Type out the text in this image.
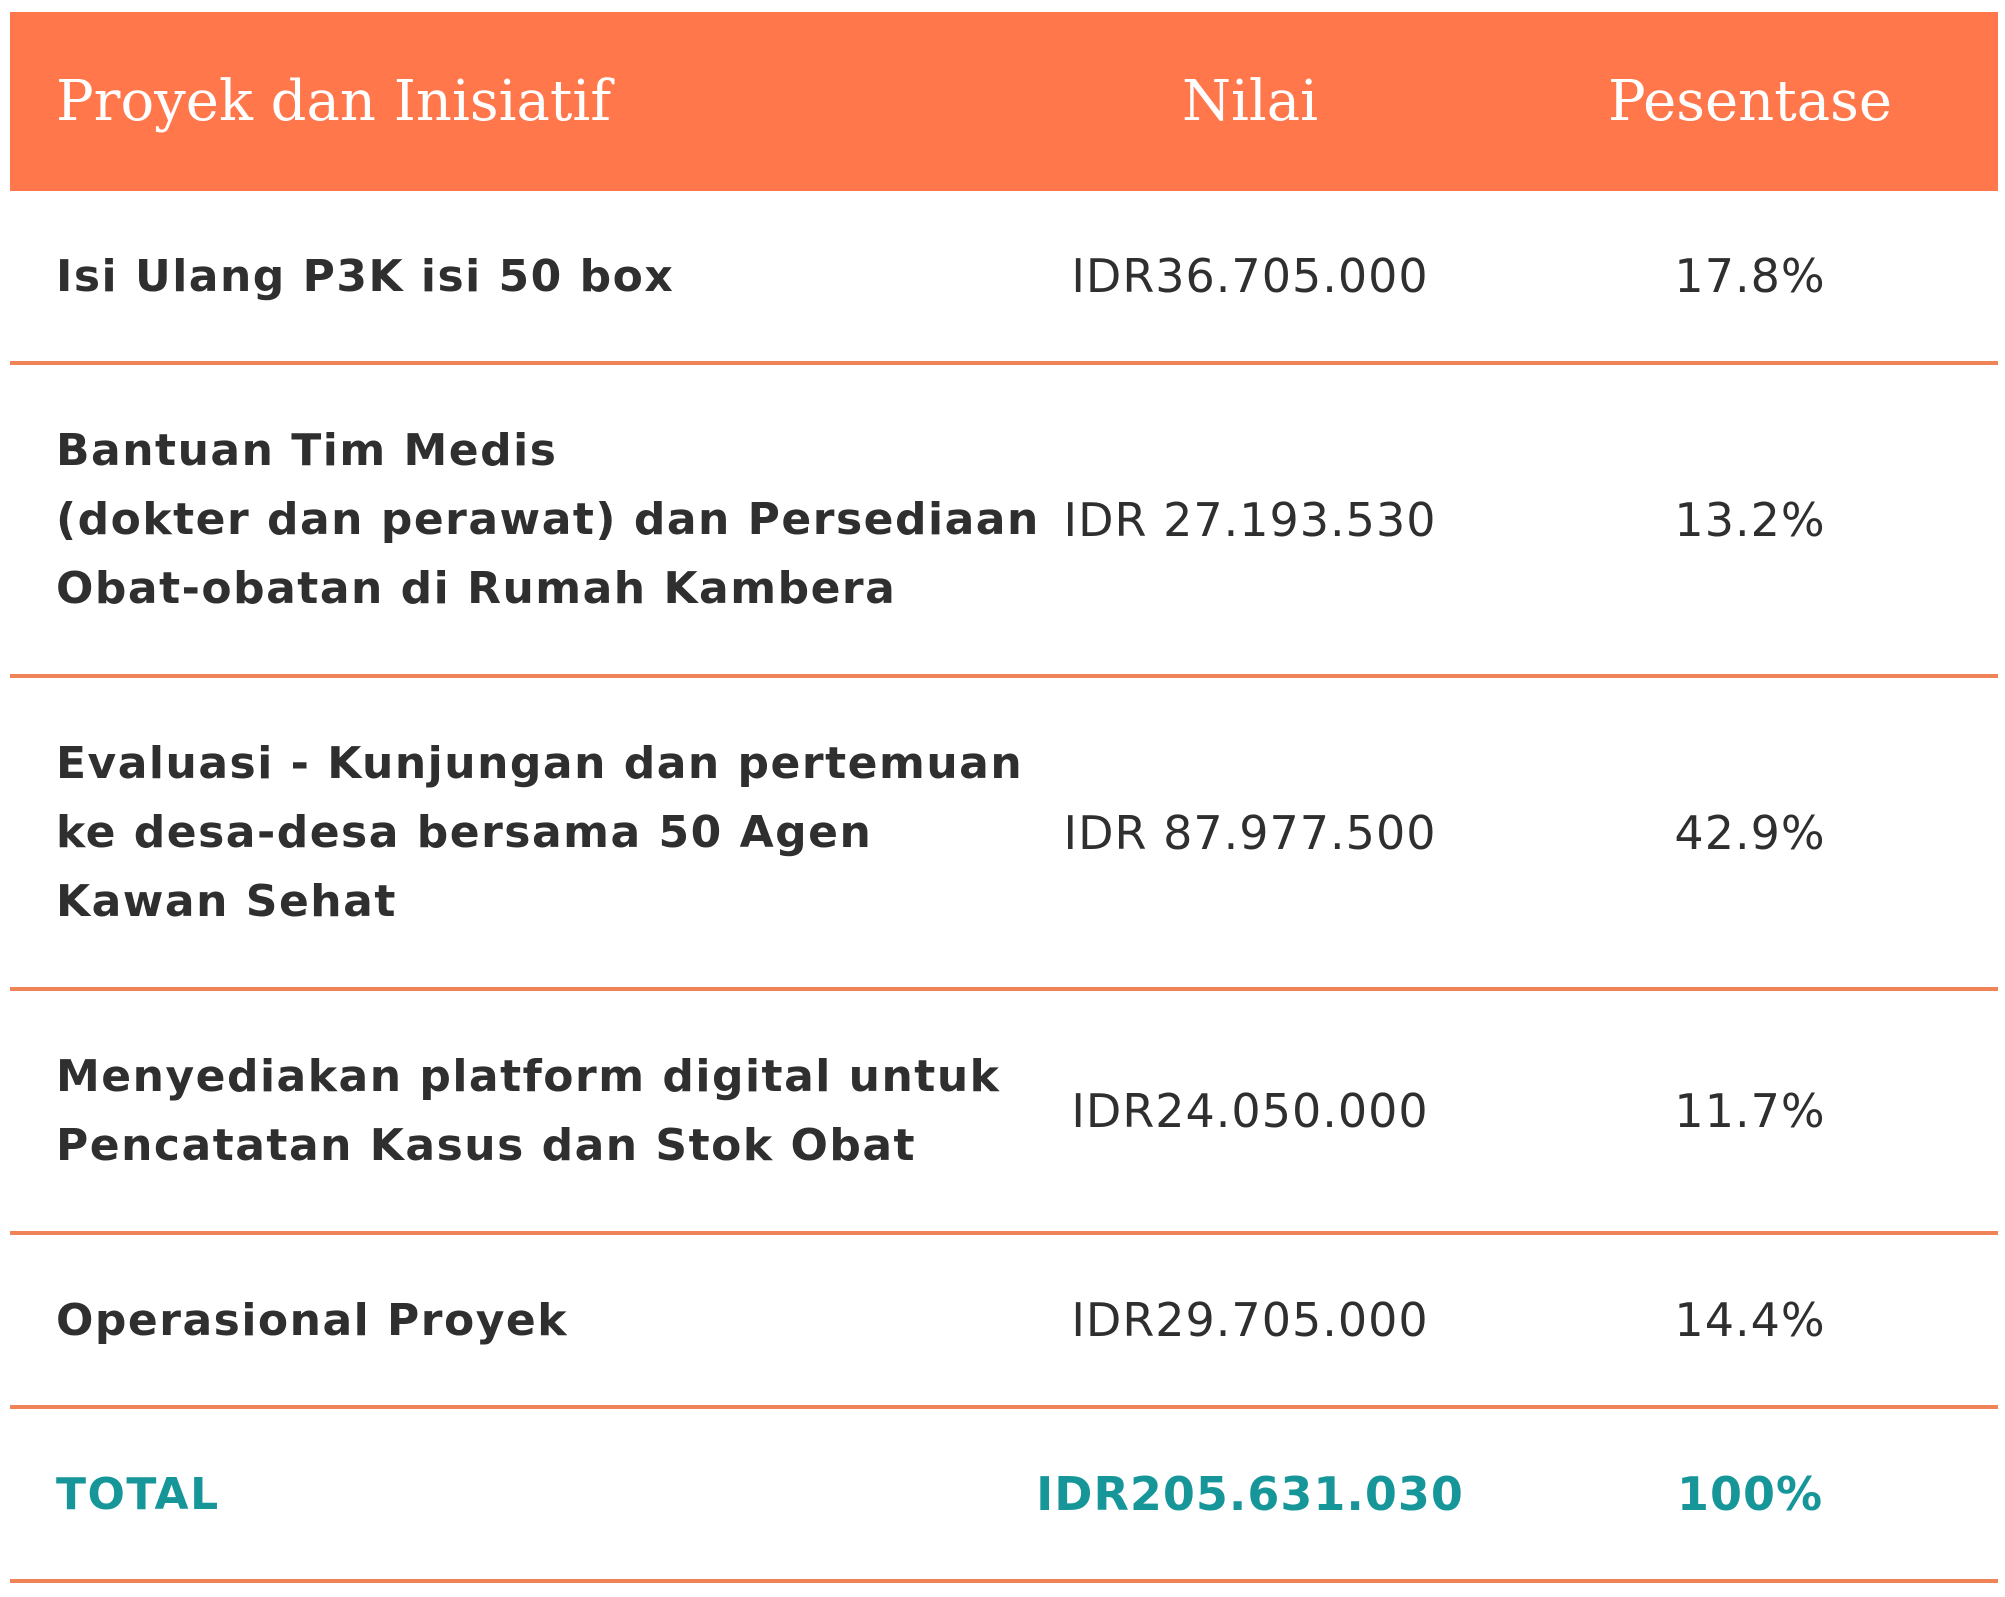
Proyek dan Inisiatif	Nilai	Pesentase
Isi Ulang P3K isi 50 box	IDR36.705.000	17.8%
Bantuan Tim Medis
(dokter dan perawat) dan Persediaan
Obat-obatan di Rumah Kambera
IDR 27.193.530	13.2%
Evaluasi - Kunjungan dan pertemuan
ke desa-desa bersama 50 Agen
Kawan Sehat
IDR 87.977.500	42.9%
Menyediakan platform digital untuk
Pencatatan Kasus dan Stok Obat
IDR24.050.000	11.7%
Operasional Proyek	IDR29.705.000	14.4%
TOTAL	IDR205.631.030	100%
